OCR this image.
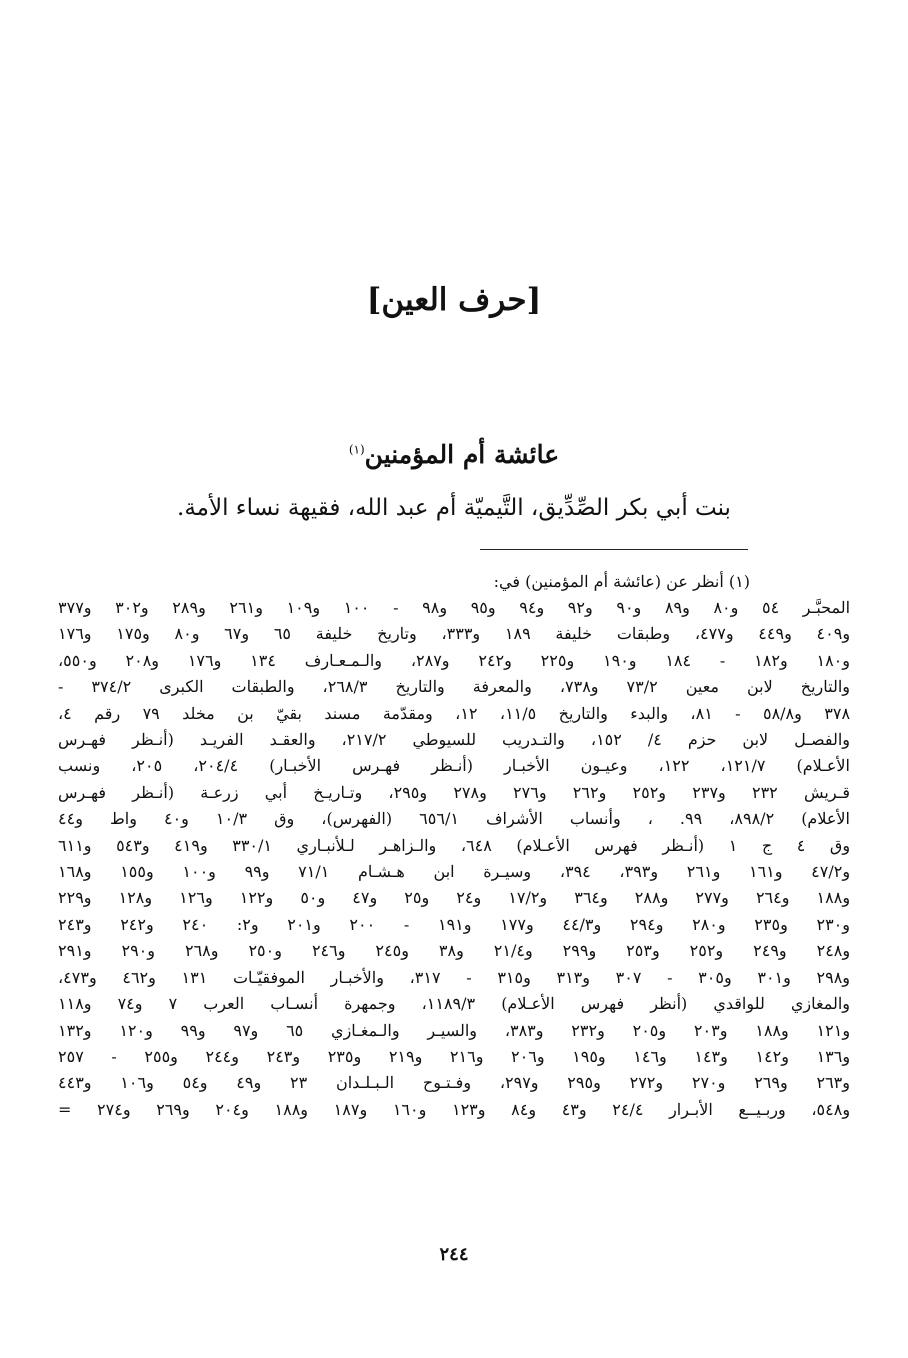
[حرف العين]
عائشة أم المؤمنين$^{(١)}$
بنت أبي بكر الصِّدِّيق، التَّيميّة أم عبد الله، فقيهة نساء الأمة.
(١) أنظر عن (عائشة أم المؤمنين) في:
المحبَّـر ٥٤ و٨٠ و٨٩ و٩٠ و٩٢ و٩٤ و٩٥ و٩٨ - ١٠٠ و١٠٩ و٢٦١ و٢٨٩ و٣٠٢ و٣٧٧
و٤٠٩ و٤٤٩ و٤٧٧، وطبقات خليفة ١٨٩ و٣٣٣، وتاريخ خليفة ٦٥ و٦٧ و٨٠ و١٧٥ و١٧٦
و١٨٠ و١٨٢ - ١٨٤ و١٩٠ و٢٢٥ و٢٤٢ و٢٨٧، والـمـعـارف ١٣٤ و١٧٦ و٢٠٨ و٥٥٠،
والتاريخ لابن معين ٧٣/٢ و٧٣٨، والمعرفة والتاريخ ٢٦٨/٣، والطبقات الكبرى ٣٧٤/٢ -
٣٧٨ و٥٨/٨ - ٨١، والبدء والتاريخ ١١/٥، ١٢، ومقدّمة مسند بقيّ بن مخلد ٧٩ رقم ٤،
والفصـل لابن حزم ٤/ ١٥٢، والتـدريب للسيوطي ٢١٧/٢، والعقـد الفريـد (أنـظر فهـرس
الأعـلام) ١٢١/٧، ١٢٢، وعيـون الأخبـار (أنـظر فهـرس الأخبـار) ٢٠٤/٤، ٢٠٥، ونسب
قـريش ٢٣٢ و٢٣٧ و٢٥٢ و٢٦٢ و٢٧٦ و٢٧٨ و٢٩٥، وتـاريـخ أبي زرعـة (أنـظر فهـرس
الأعلام) ٨٩٨/٢، ٩٩. ، وأنساب الأشراف ٦٥٦/١ (الفهرس)، وق ١٠/٣ و٤٠ واط و٤٤
وق ٤ ج ١ (أنـظر فهرس الأعـلام) ٦٤٨، والـزاهـر لـلأنبـاري ٣٣٠/١ و٤١٩ و٥٤٣ و٦١١
و٤٧/٢ و١٦١ و٢٦١ و٣٩٣، ٣٩٤، وسيـرة ابن هـشـام ٧١/١ و٩٩ و١٠٠ و١٥٥ و١٦٨
و١٨٨ و٢٦٤ و٢٧٧ و٢٨٨ و٣٦٤ و١٧/٢ و٢٤ و٢٥ و٤٧ و٥٠ و١٢٢ و١٢٦ و١٢٨ و٢٢٩
و٢٣٠ و٢٣٥ و٢٨٠ و٢٩٤ و٤٤/٣ و١٧٧ و١٩١ - ٢٠٠ و٢٠١ و٢: ٢٤٠ و٢٤٢ و٢٤٣
و٢٤٨ و٢٤٩ و٢٥٢ و٢٥٣ و٢٩٩ و٢١/٤ و٣٨ و٢٤٥ و٢٤٦ و٢٥٠ و٢٦٨ و٢٩٠ و٢٩١
و٢٩٨ و٣٠١ و٣٠٥ - ٣٠٧ و٣١٣ و٣١٥ - ٣١٧، والأخبـار الموفقيّـات ١٣١ و٤٦٢ و٤٧٣،
والمغازي للواقدي (أنظر فهرس الأعـلام) ١١٨٩/٣، وجمهرة أنسـاب العرب ٧ و٧٤ و١١٨
و١٢١ و١٨٨ و٢٠٣ و٢٠٥ و٢٣٢ و٣٨٣، والسيـر والـمغـازي ٦٥ و٩٧ و٩٩ و١٢٠ و١٣٢
و١٣٦ و١٤٢ و١٤٣ و١٤٦ و١٩٥ و٢٠٦ و٢١٦ و٢١٩ و٢٣٥ و٢٤٣ و٢٤٤ و٢٥٥ - ٢٥٧
و٢٦٣ و٢٦٩ و٢٧٠ و٢٧٢ و٢٩٥ و٢٩٧، وفـتـوح الـبـلـدان ٢٣ و٤٩ و٥٤ و١٠٦ و٤٤٣
و٥٤٨، وربـيــع الأبـرار ٢٤/٤ و٤٣ و٨٤ و١٢٣ و١٦٠ و١٨٧ و١٨٨ و٢٠٤ و٢٦٩ و٢٧٤ =
٢٤٤
